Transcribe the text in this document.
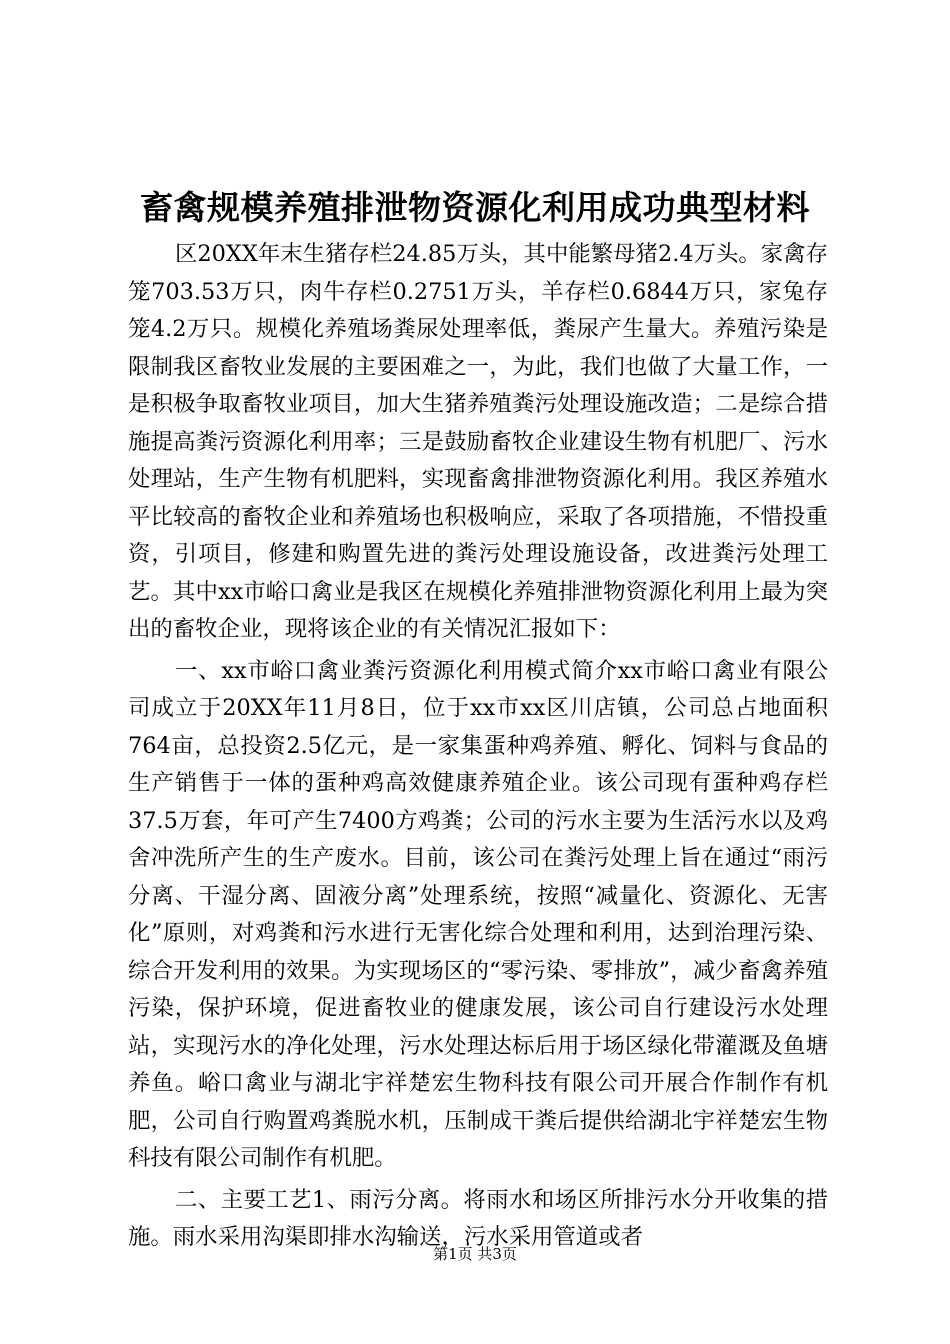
畜禽规模养殖排泄物资源化利用成功典型材料

区20XX年末生猪存栏24.85万头，其中能繁母猪2.4万头。家禽存笼703.53万只，肉牛存栏0.2751万头，羊存栏0.6844万只，家兔存笼4.2万只。规模化养殖场粪尿处理率低，粪尿产生量大。养殖污染是限制我区畜牧业发展的主要困难之一，为此，我们也做了大量工作，一是积极争取畜牧业项目，加大生猪养殖粪污处理设施改造；二是综合措施提高粪污资源化利用率；三是鼓励畜牧企业建设生物有机肥厂、污水处理站，生产生物有机肥料，实现畜禽排泄物资源化利用。我区养殖水平比较高的畜牧企业和养殖场也积极响应，采取了各项措施，不惜投重资，引项目，修建和购置先进的粪污处理设施设备，改进粪污处理工艺。其中xx市峪口禽业是我区在规模化养殖排泄物资源化利用上最为突出的畜牧企业，现将该企业的有关情况汇报如下：

一、xx市峪口禽业粪污资源化利用模式简介xx市峪口禽业有限公司成立于20XX年11月8日，位于xx市xx区川店镇，公司总占地面积764亩，总投资2.5亿元，是一家集蛋种鸡养殖、孵化、饲料与食品的生产销售于一体的蛋种鸡高效健康养殖企业。该公司现有蛋种鸡存栏37.5万套，年可产生7400方鸡粪；公司的污水主要为生活污水以及鸡舍冲洗所产生的生产废水。目前，该公司在粪污处理上旨在通过“雨污分离、干湿分离、固液分离”处理系统，按照“减量化、资源化、无害化”原则，对鸡粪和污水进行无害化综合处理和利用，达到治理污染、综合开发利用的效果。为实现场区的“零污染、零排放”，减少畜禽养殖污染，保护环境，促进畜牧业的健康发展，该公司自行建设污水处理站，实现污水的净化处理，污水处理达标后用于场区绿化带灌溉及鱼塘养鱼。峪口禽业与湖北宇祥楚宏生物科技有限公司开展合作制作有机肥，公司自行购置鸡粪脱水机，压制成干粪后提供给湖北宇祥楚宏生物科技有限公司制作有机肥。

二、主要工艺1、雨污分离。将雨水和场区所排污水分开收集的措施。雨水采用沟渠即排水沟输送，污水采用管道或者

第1页 共3页
